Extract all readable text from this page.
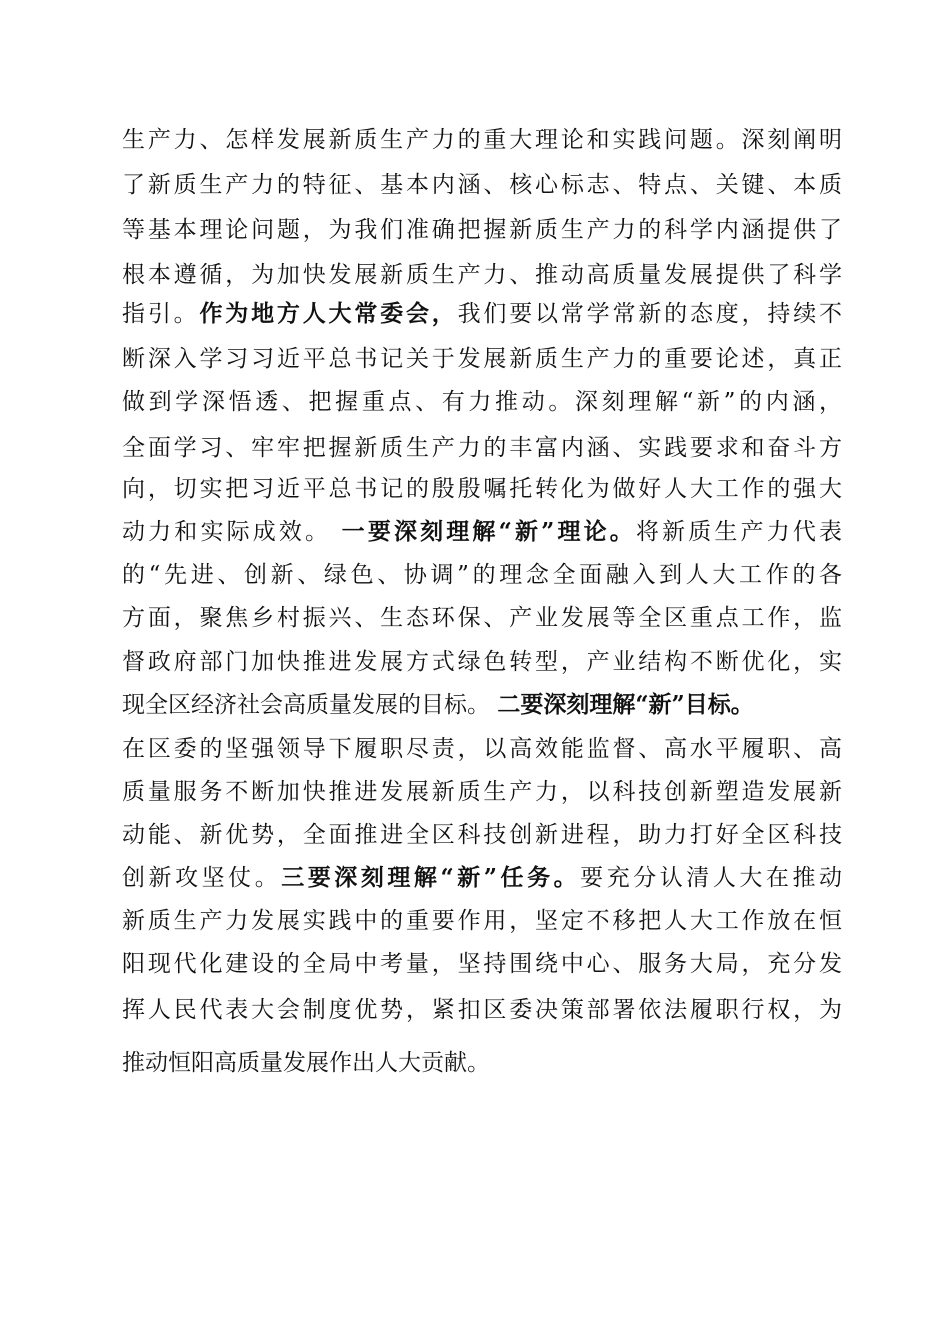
生产力、怎样发展新质生产力的重大理论和实践问题。深刻阐明
了新质生产力的特征、基本内涵、核心标志、特点、关键、本质
等基本理论问题，为我们准确把握新质生产力的科学内涵提供了
根本遵循，为加快发展新质生产力、推动高质量发展提供了科学
指引。作为地方人大常委会，我们要以常学常新的态度，持续不
断深入学习习近平总书记关于发展新质生产力的重要论述，真正
做到学深悟透、把握重点、有力推动。深刻理解“新”的内涵，
全面学习、牢牢把握新质生产力的丰富内涵、实践要求和奋斗方
向，切实把习近平总书记的殷殷嘱托转化为做好人大工作的强大
动力和实际成效。 一要深刻理解“新”理论。将新质生产力代表
的“先进、创新、绿色、协调”的理念全面融入到人大工作的各
方面，聚焦乡村振兴、生态环保、产业发展等全区重点工作，监
督政府部门加快推进发展方式绿色转型，产业结构不断优化，实
现全区经济社会高质量发展的目标。 二要深刻理解“新”目标。
在区委的坚强领导下履职尽责，以高效能监督、高水平履职、高
质量服务不断加快推进发展新质生产力，以科技创新塑造发展新
动能、新优势，全面推进全区科技创新进程，助力打好全区科技
创新攻坚仗。三要深刻理解“新”任务。要充分认清人大在推动
新质生产力发展实践中的重要作用，坚定不移把人大工作放在恒
阳现代化建设的全局中考量，坚持围绕中心、服务大局，充分发
挥人民代表大会制度优势，紧扣区委决策部署依法履职行权，为
推动恒阳高质量发展作出人大贡献。
